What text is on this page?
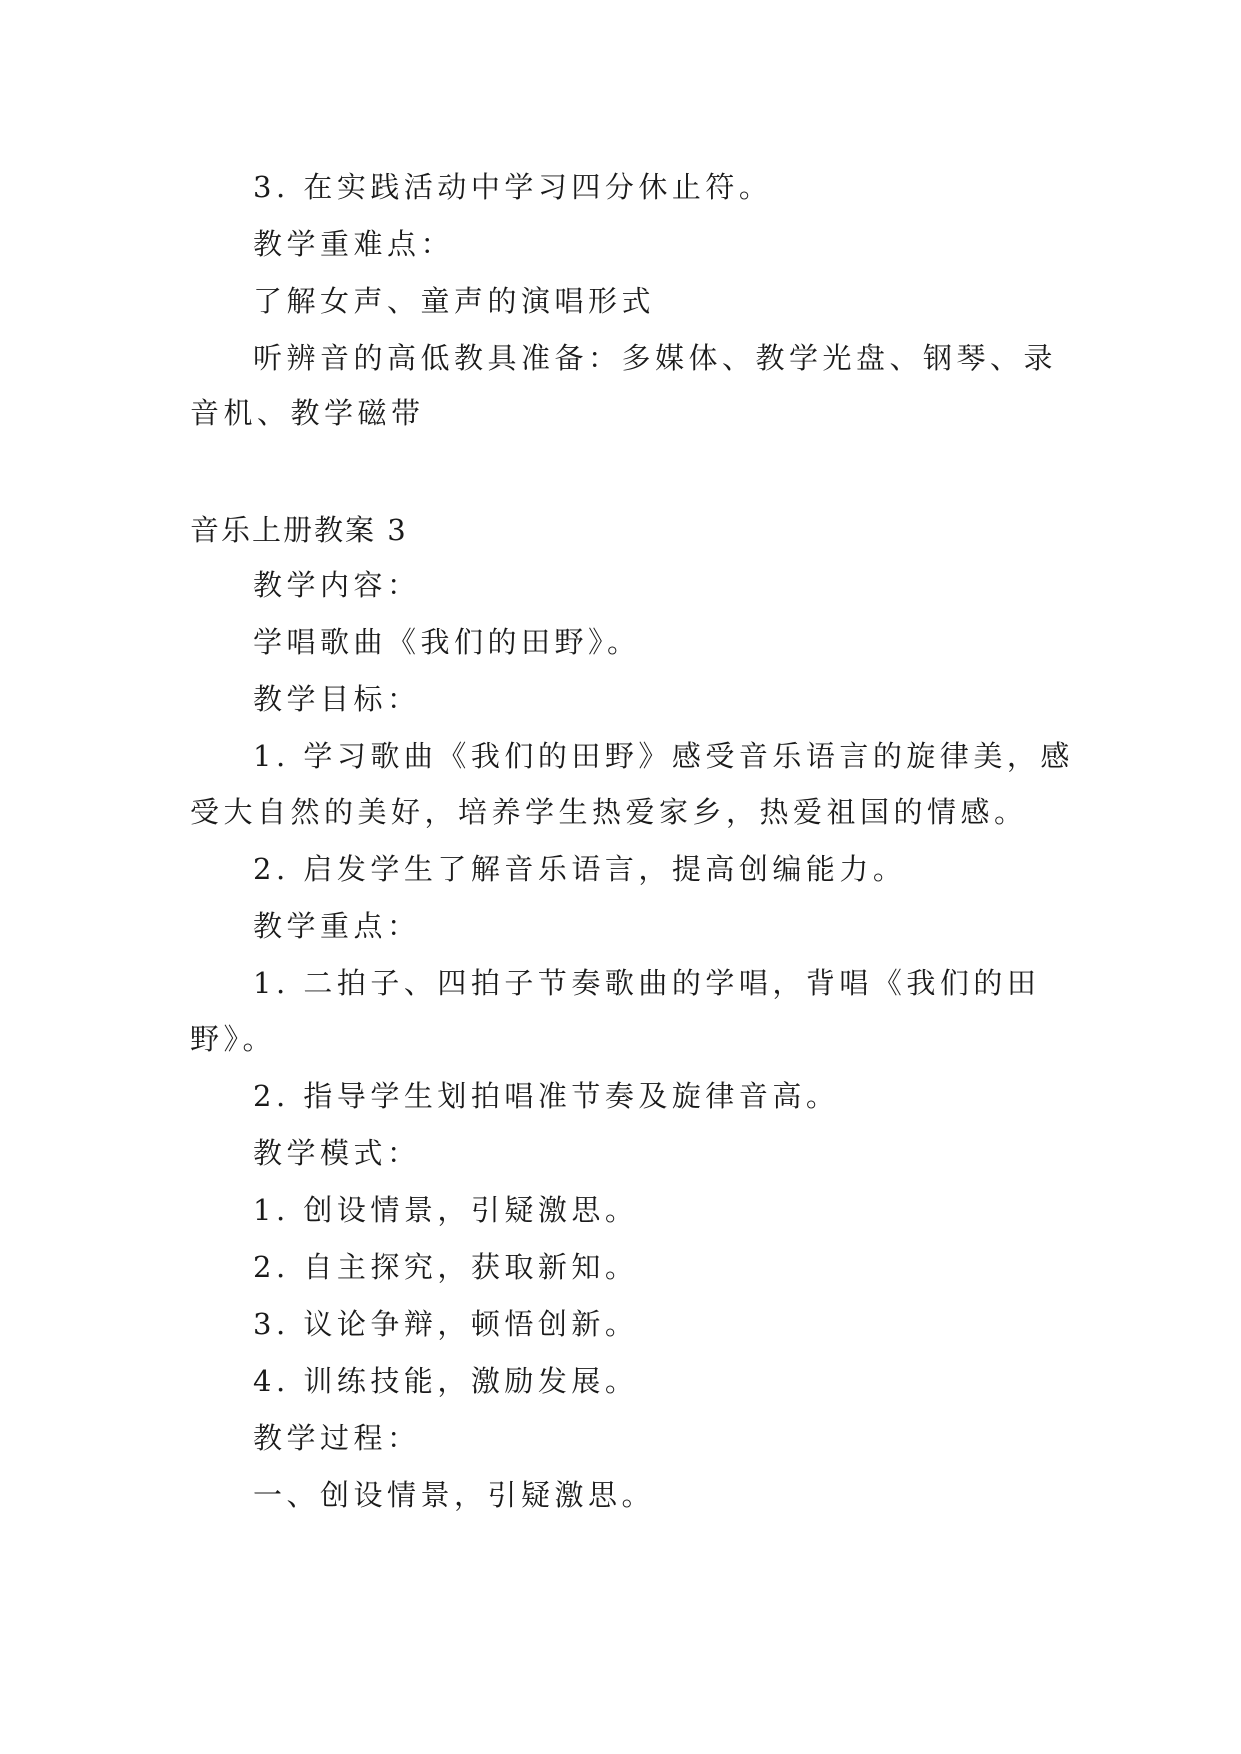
3. 在实践活动中学习四分休止符。
教学重难点：
了解女声、童声的演唱形式
听辨音的高低教具准备：多媒体、教学光盘、钢琴、录
音机、教学磁带
音乐上册教案 3
教学内容：
学唱歌曲《我们的田野》。
教学目标：
1. 学习歌曲《我们的田野》感受音乐语言的旋律美，感
受大自然的美好，培养学生热爱家乡，热爱祖国的情感。
2. 启发学生了解音乐语言，提高创编能力。
教学重点：
1. 二拍子、四拍子节奏歌曲的学唱，背唱《我们的田
野》。
2. 指导学生划拍唱准节奏及旋律音高。
教学模式：
1. 创设情景，引疑激思。
2. 自主探究，获取新知。
3. 议论争辩，顿悟创新。
4. 训练技能，激励发展。
教学过程：
一、创设情景，引疑激思。
